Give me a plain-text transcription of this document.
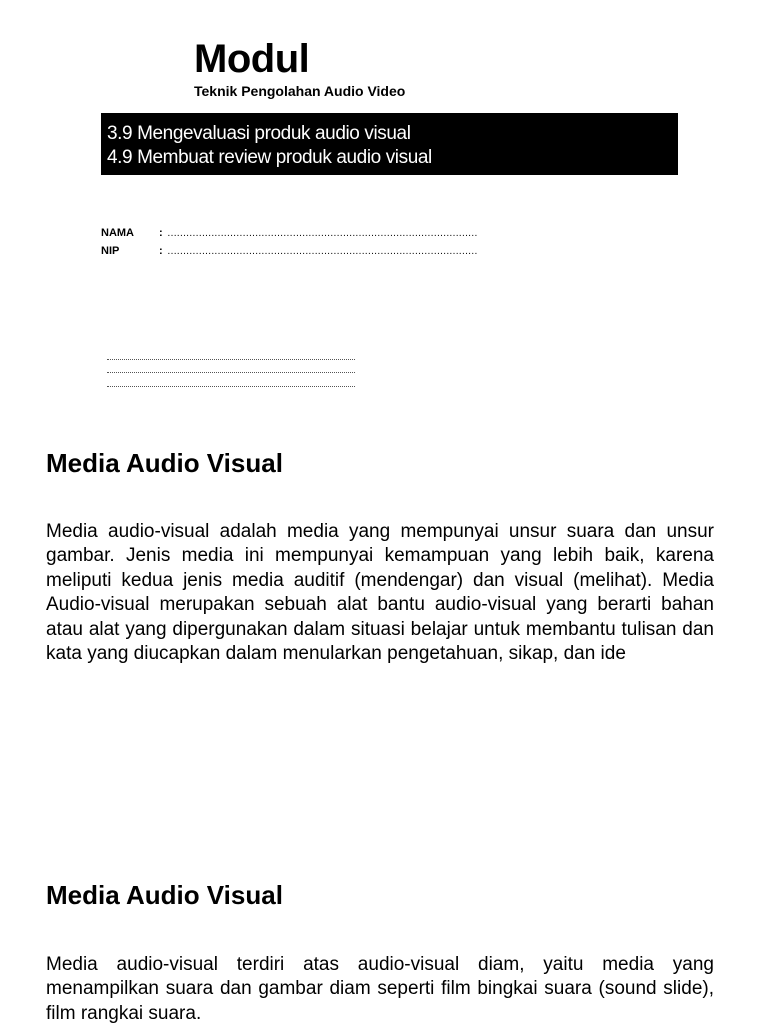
Modul
Teknik Pengolahan Audio Video
3.9 Mengevaluasi produk audio visual
4.9 Membuat review produk audio visual
NAMA : ………………………………………………………………………………………
NIP	: ………………………………………………………………………………………
Media Audio Visual

Media audio-visual adalah media yang mempunyai unsur suara dan unsur gambar. Jenis media ini mempunyai kemampuan yang lebih baik, karena meliputi kedua jenis media auditif (mendengar) dan visual (melihat). Media Audio-visual merupakan sebuah alat bantu audio-visual yang berarti bahan atau alat yang dipergunakan dalam situasi belajar untuk membantu tulisan dan kata yang diucapkan dalam menularkan pengetahuan, sikap, dan ide

Media Audio Visual

Media audio-visual terdiri atas audio-visual diam, yaitu media yang menampilkan suara dan gambar diam seperti film bingkai suara (sound slide), film rangkai suara.
